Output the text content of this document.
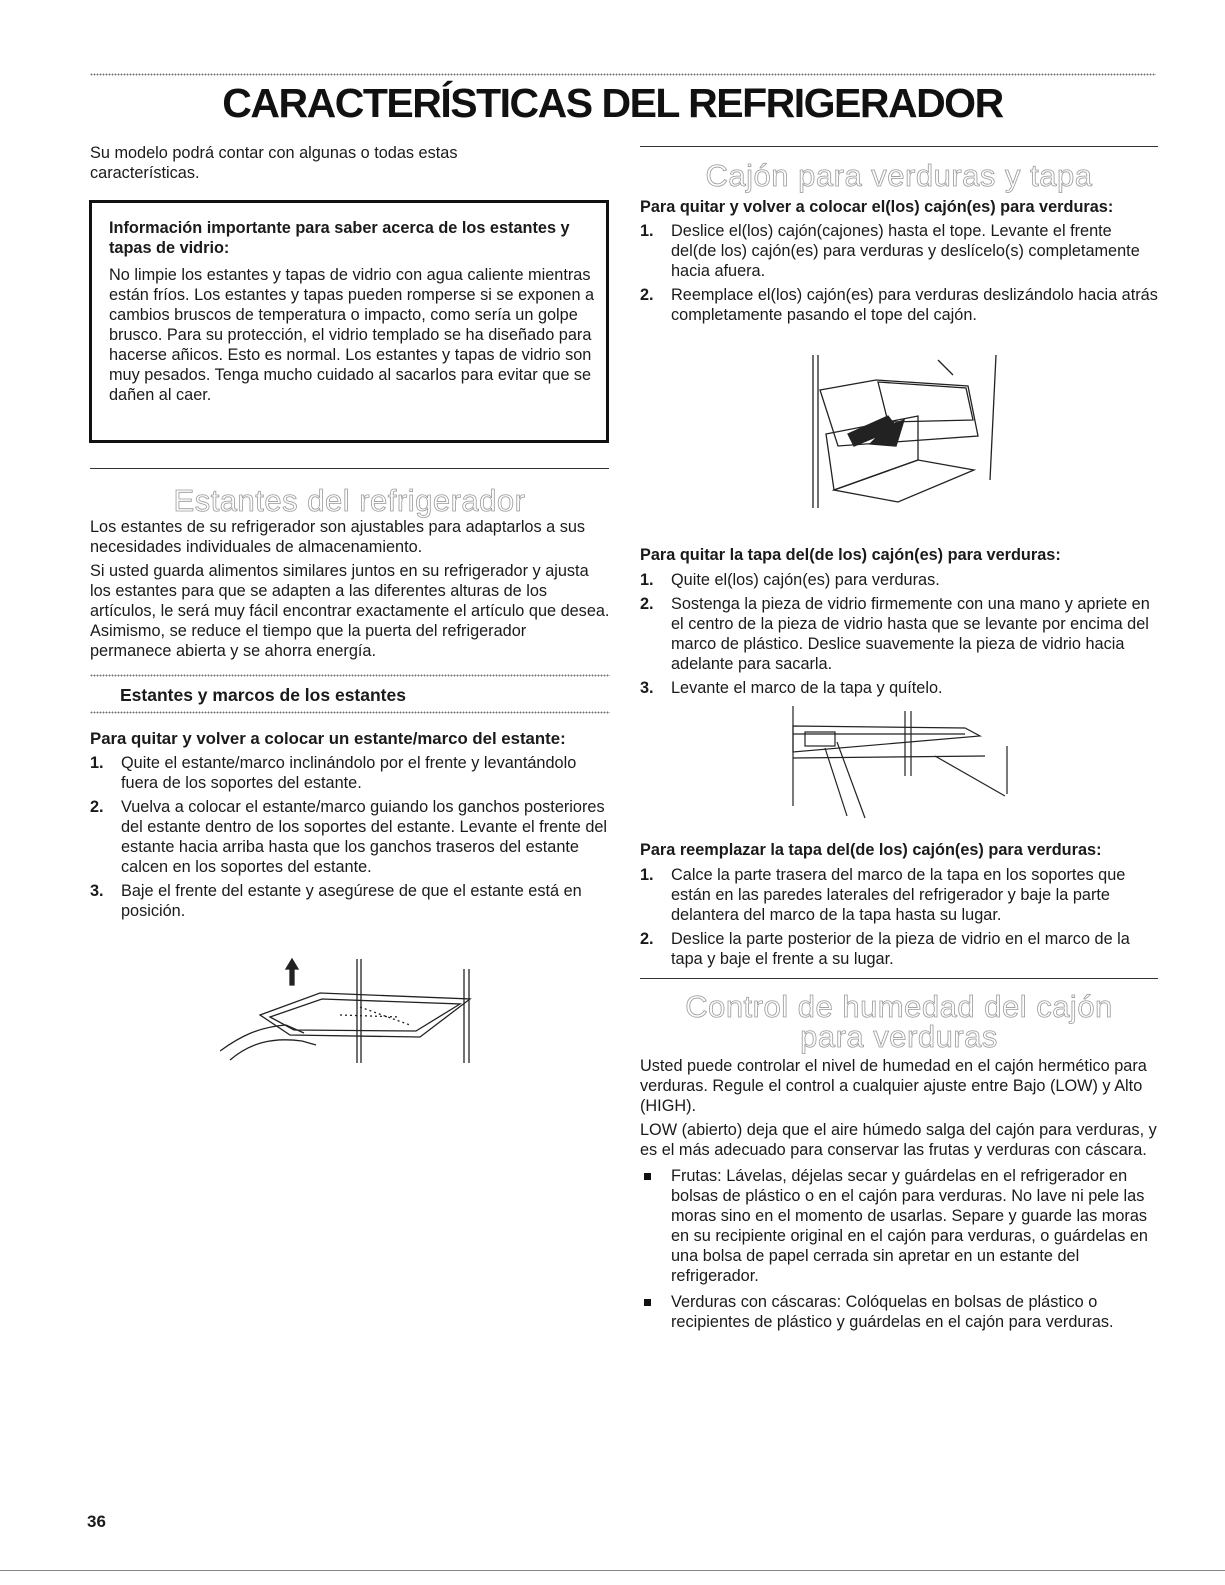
CARACTERÍSTICAS DEL REFRIGERADOR

Su modelo podrá contar con algunas o todas estas características.

Información importante para saber acerca de los estantes y tapas de vidrio:

No limpie los estantes y tapas de vidrio con agua caliente mientras están fríos. Los estantes y tapas pueden romperse si se exponen a cambios bruscos de temperatura o impacto, como sería un golpe brusco. Para su protección, el vidrio templado se ha diseñado para hacerse añicos. Esto es normal. Los estantes y tapas de vidrio son muy pesados. Tenga mucho cuidado al sacarlos para evitar que se dañen al caer.

Estantes del refrigerador

Los estantes de su refrigerador son ajustables para adaptarlos a sus necesidades individuales de almacenamiento.

Si usted guarda alimentos similares juntos en su refrigerador y ajusta los estantes para que se adapten a las diferentes alturas de los artículos, le será muy fácil encontrar exactamente el artículo que desea. Asimismo, se reduce el tiempo que la puerta del refrigerador permanece abierta y se ahorra energía.

Estantes y marcos de los estantes

Para quitar y volver a colocar un estante/marco del estante:

1. Quite el estante/marco inclinándolo por el frente y levantándolo fuera de los soportes del estante.
2. Vuelva a colocar el estante/marco guiando los ganchos posteriores del estante dentro de los soportes del estante. Levante el frente del estante hacia arriba hasta que los ganchos traseros del estante calcen en los soportes del estante.
3. Baje el frente del estante y asegúrese de que el estante está en posición.
Cajón para verduras y tapa

Para quitar y volver a colocar el(los) cajón(es) para verduras:

1. Deslice el(los) cajón(cajones) hasta el tope. Levante el frente del(de los) cajón(es) para verduras y deslícelo(s) completamente hacia afuera.
2. Reemplace el(los) cajón(es) para verduras deslizándolo hacia atrás completamente pasando el tope del cajón.

Para quitar la tapa del(de los) cajón(es) para verduras:

1. Quite el(los) cajón(es) para verduras.
2. Sostenga la pieza de vidrio firmemente con una mano y apriete en el centro de la pieza de vidrio hasta que se levante por encima del marco de plástico. Deslice suavemente la pieza de vidrio hacia adelante para sacarla.
3. Levante el marco de la tapa y quítelo.

Para reemplazar la tapa del(de los) cajón(es) para verduras:

1. Calce la parte trasera del marco de la tapa en los soportes que están en las paredes laterales del refrigerador y baje la parte delantera del marco de la tapa hasta su lugar.
2. Deslice la parte posterior de la pieza de vidrio en el marco de la tapa y baje el frente a su lugar.
Control de humedad del cajón
para verduras

Usted puede controlar el nivel de humedad en el cajón hermético para verduras. Regule el control a cualquier ajuste entre Bajo (LOW) y Alto (HIGH).

LOW (abierto) deja que el aire húmedo salga del cajón para verduras, y es el más adecuado para conservar las frutas y verduras con cáscara.

Frutas: Lávelas, déjelas secar y guárdelas en el refrigerador en bolsas de plástico o en el cajón para verduras. No lave ni pele las moras sino en el momento de usarlas. Separe y guarde las moras en su recipiente original en el cajón para verduras, o guárdelas en una bolsa de papel cerrada sin apretar en un estante del refrigerador.
Verduras con cáscaras: Colóquelas en bolsas de plástico o recipientes de plástico y guárdelas en el cajón para verduras.
36
